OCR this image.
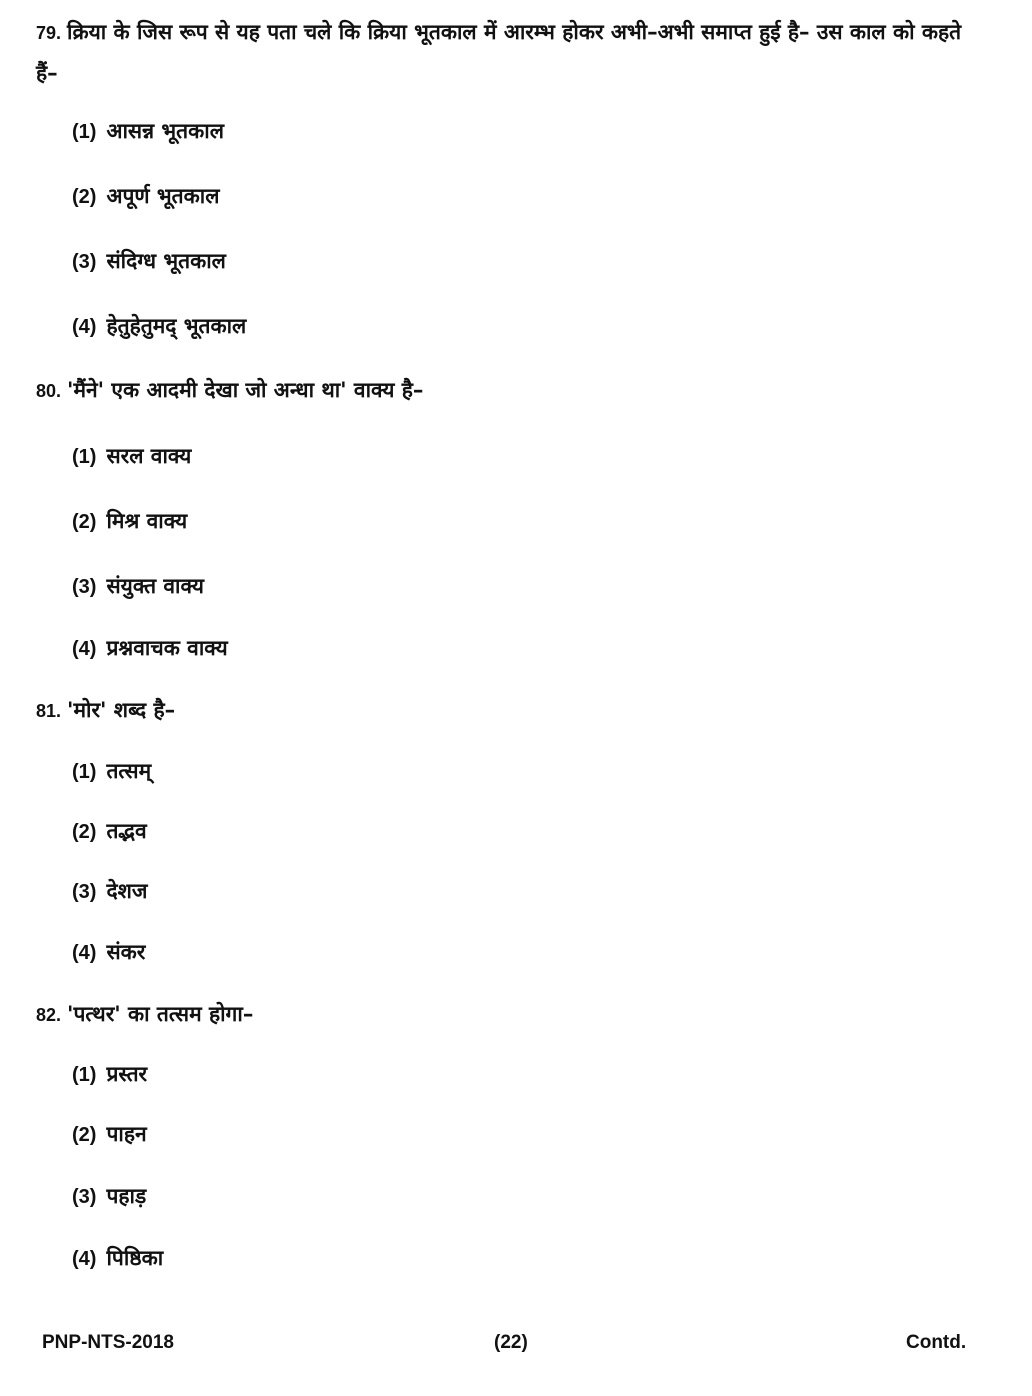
79. क्रिया के जिस रूप से यह पता चले कि क्रिया भूतकाल में आरम्भ होकर अभी–अभी समाप्त हुई है– उस काल को कहते हैं–
(1) आसन्न भूतकाल
(2) अपूर्ण भूतकाल
(3) संदिग्ध भूतकाल
(4) हेतुहेतुमद् भूतकाल
80. 'मैंने' एक आदमी देखा जो अन्धा था' वाक्य है–
(1) सरल वाक्य
(2) मिश्र वाक्य
(3) संयुक्त वाक्य
(4) प्रश्नवाचक वाक्य
81. 'मोर' शब्द है–
(1) तत्सम्
(2) तद्भव
(3) देशज
(4) संकर
82. 'पत्थर' का तत्सम होगा–
(1) प्रस्तर
(2) पाहन
(3) पहाड़
(4) पिष्ठिका
PNP-NTS-2018	(22)	Contd.
